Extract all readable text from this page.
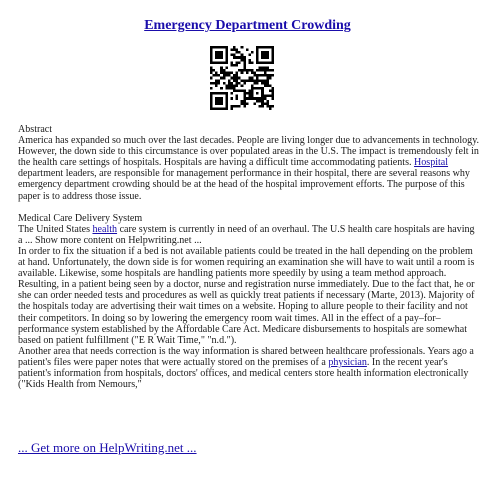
Emergency Department Crowding

Abstract

America has expanded so much over the last decades. People are living longer due to advancements in technology. However, the down side to this circumstance is over populated areas in the U.S. The impact is tremendously felt in the health care settings of hospitals. Hospitals are having a difficult time accommodating patients. Hospital department leaders, are responsible for management performance in their hospital, there are several reasons why emergency department crowding should be at the head of the hospital improvement efforts. The purpose of this paper is to address those issue.

Medical Care Delivery System

The United States health care system is currently in need of an overhaul. The U.S health care hospitals are having a ... Show more content on Helpwriting.net ...

In order to fix the situation if a bed is not available patients could be treated in the hall depending on the problem at hand. Unfortunately, the down side is for women requiring an examination she will have to wait until a room is available. Likewise, some hospitals are handling patients more speedily by using a team method approach. Resulting, in a patient being seen by a doctor, nurse and registration nurse immediately. Due to the fact that, he or she can order needed tests and procedures as well as quickly treat patients if necessary (Marte, 2013). Majority of the hospitals today are advertising their wait times on a website. Hoping to allure people to their facility and not their competitors. In doing so by lowering the emergency room wait times. All in the effect of a pay–for–performance system established by the Affordable Care Act. Medicare disbursements to hospitals are somewhat based on patient fulfillment ("E R Wait Time," "n.d.").

Another area that needs correction is the way information is shared between healthcare professionals. Years ago a patient's files were paper notes that were actually stored on the premises of a physician. In the recent year's patient's information from hospitals, doctors' offices, and medical centers store health information electronically ("Kids Health from Nemours,"

... Get more on HelpWriting.net ...
